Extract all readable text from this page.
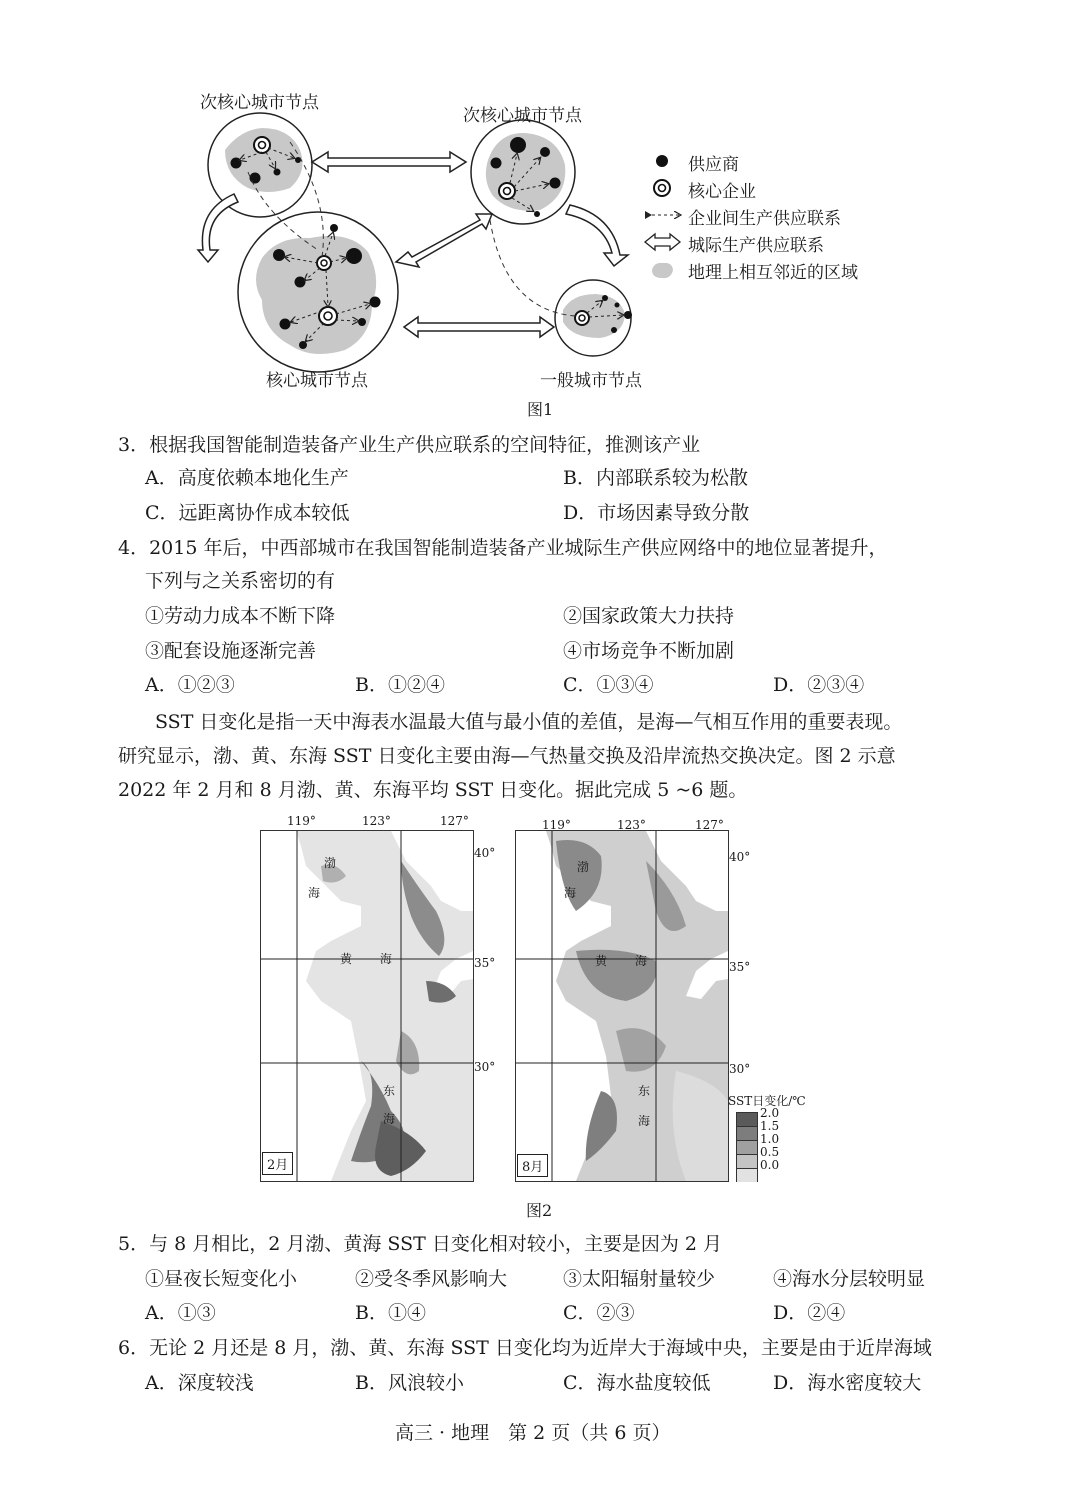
次核心城市节点
次核心城市节点
核心城市节点	一般城市节点
供应商
核心企业
企业间生产供应联系
城际生产供应联系
地理上相互邻近的区域
图1
3．根据我国智能制造装备产业生产供应联系的空间特征，推测该产业
A．高度依赖本地化生产	B．内部联系较为松散
C．远距离协作成本较低	D．市场因素导致分散
4．2015 年后，中西部城市在我国智能制造装备产业城际生产供应网络中的地位显著提升，
下列与之关系密切的有
①劳动力成本不断下降	②国家政策大力扶持
③配套设施逐渐完善	④市场竞争不断加剧
A．①②③	B．①②④	C．①③④	D．②③④
SST 日变化是指一天中海表水温最大值与最小值的差值，是海—气相互作用的重要表现。
研究显示，渤、黄、东海 SST 日变化主要由海—气热量交换及沿岸流热交换决定。图 2 示意
2022 年 2 月和 8 月渤、黄、东海平均 SST 日变化。据此完成 5 ~6 题。
119°	123°	127°	119°	123°	127°
40°
35°
30°
40°
35°
30°
渤
海
黄 海
东
海
渤
海
黄 海
东
海
2月	8月
SST日变化/℃
2.0
1.5
1.0
0.5
0.0
图2
5．与 8 月相比，2 月渤、黄海 SST 日变化相对较小，主要是因为 2 月
①昼夜长短变化小	②受冬季风影响大	③太阳辐射量较少	④海水分层较明显
A．①③	B．①④	C．②③	D．②④
6．无论 2 月还是 8 月，渤、黄、东海 SST 日变化均为近岸大于海域中央，主要是由于近岸海域
A．深度较浅	B．风浪较小	C．海水盐度较低	D．海水密度较大
高三 · 地理　第 2 页（共 6 页）
